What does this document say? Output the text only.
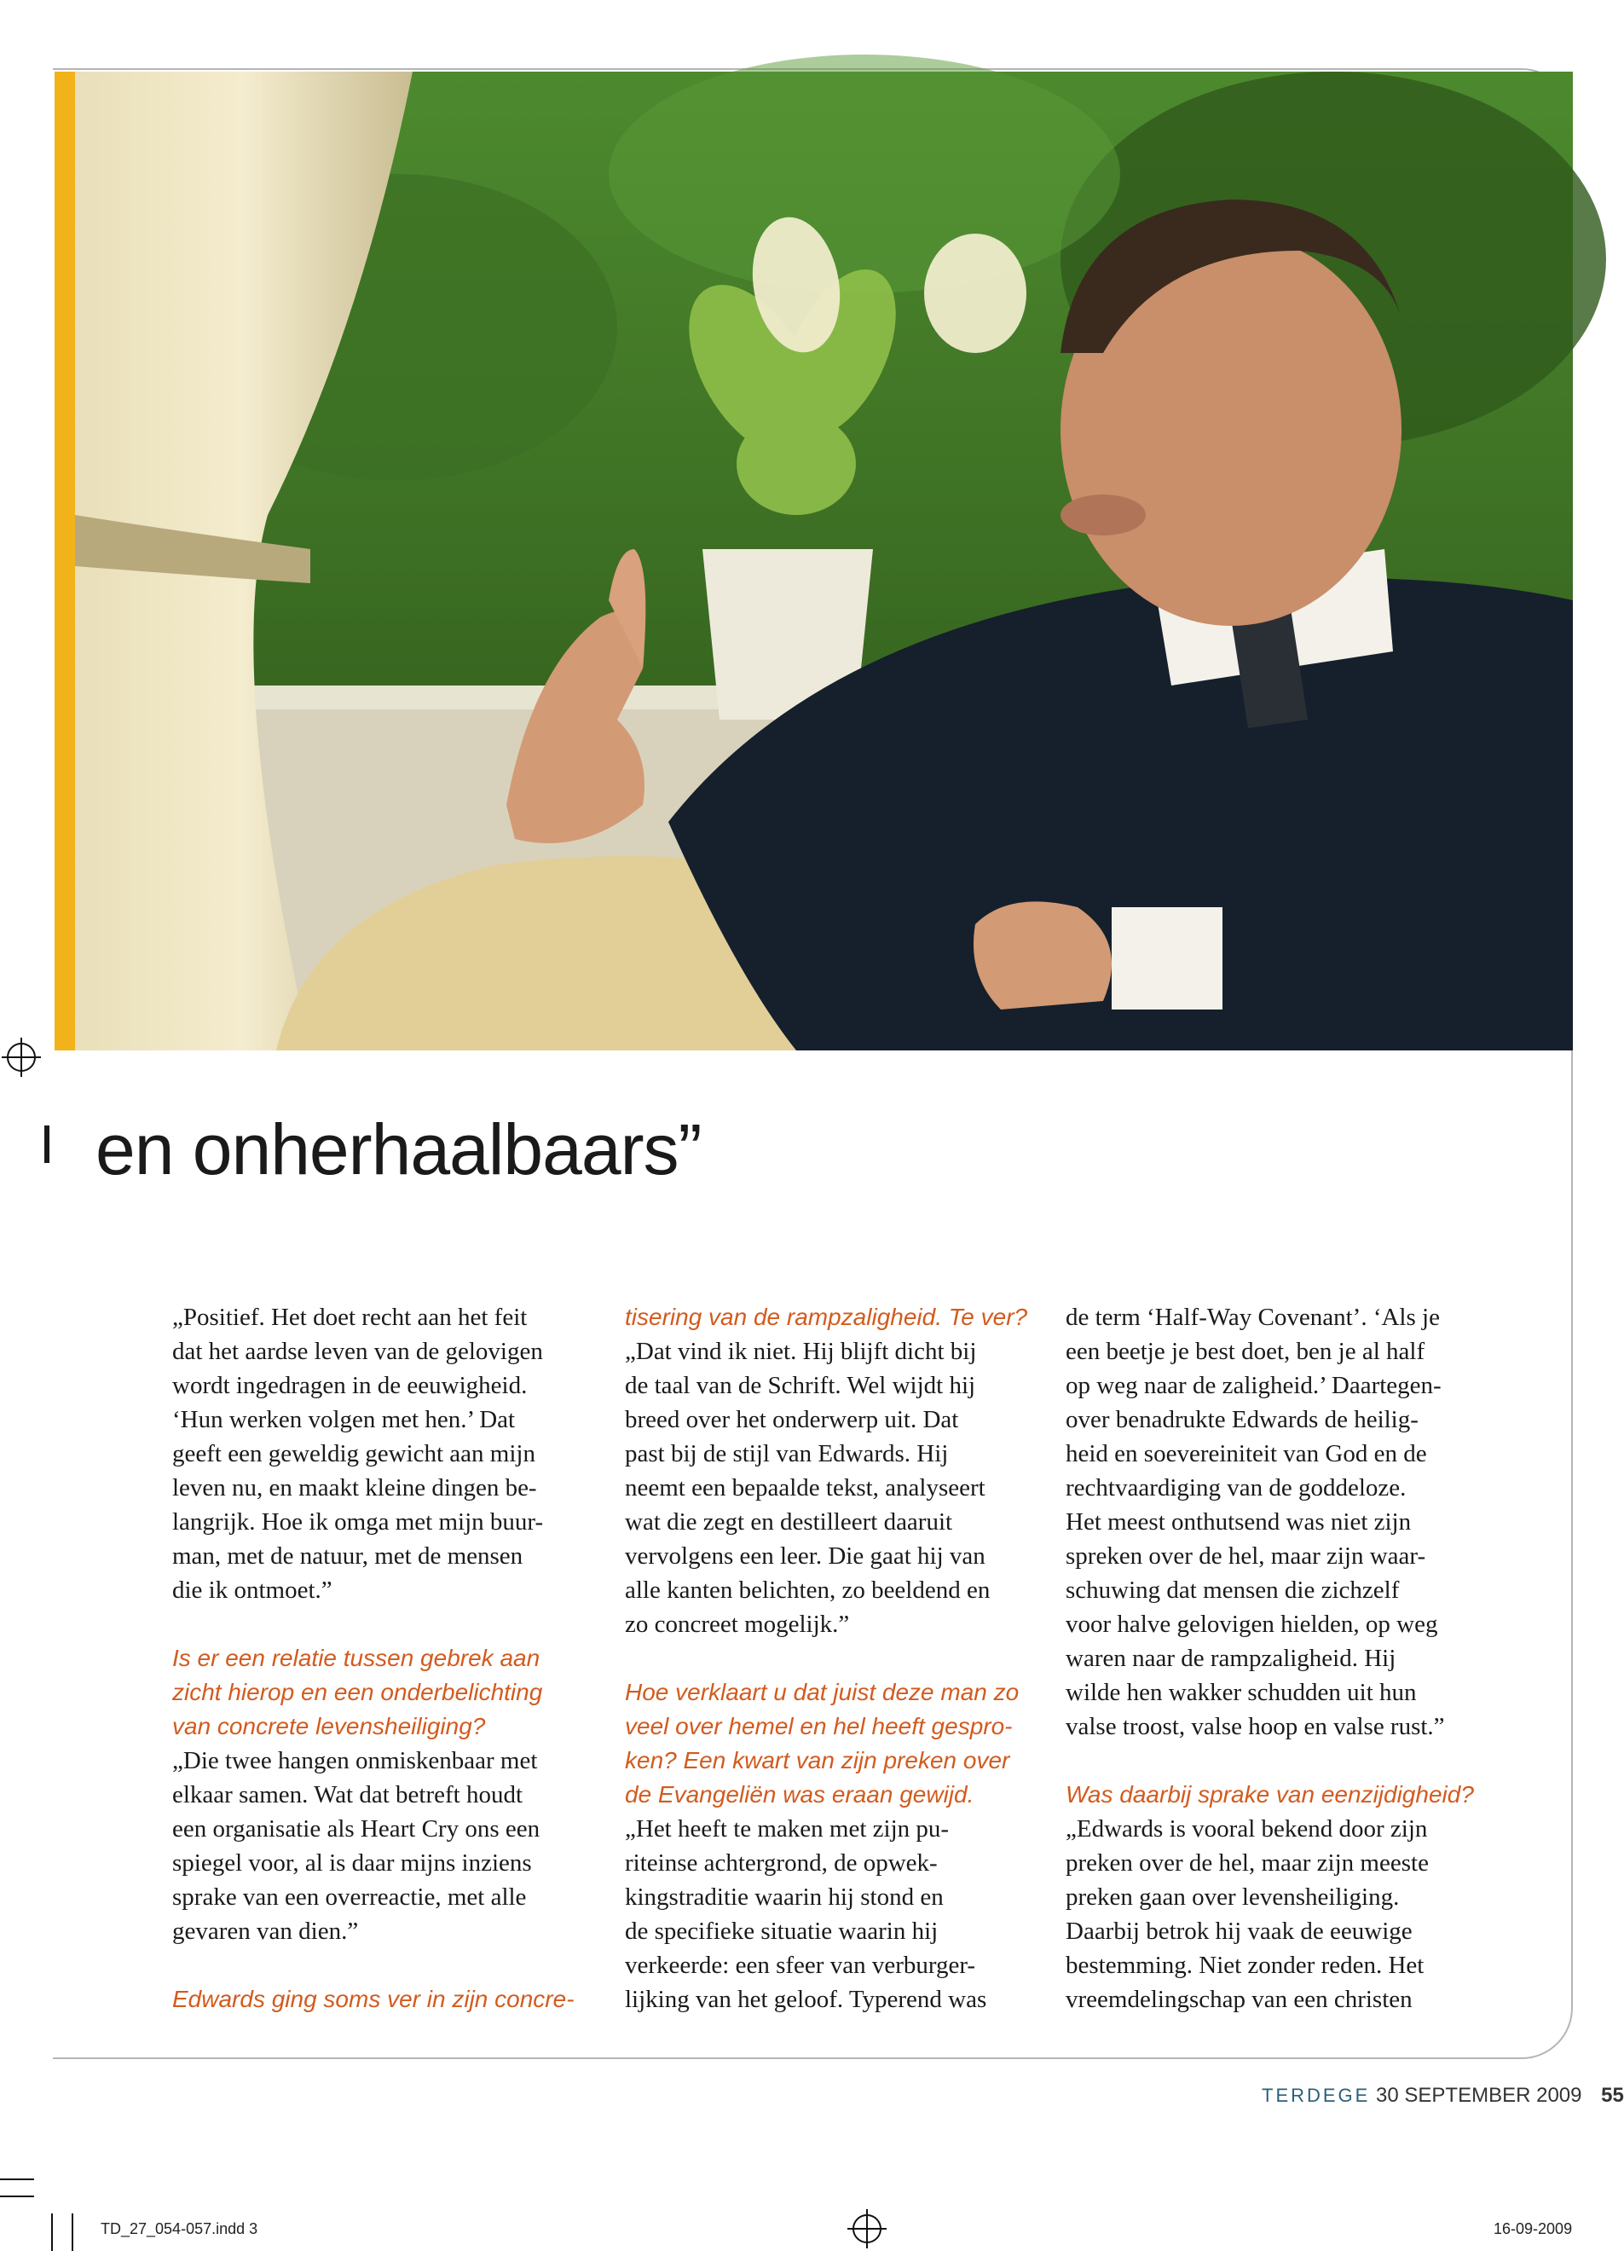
en onherhaalbaars”
„Positief. Het doet recht aan het feit
dat het aardse leven van de gelovigen
wordt ingedragen in de eeuwigheid.
‘Hun werken volgen met hen.’ Dat
geeft een geweldig gewicht aan mijn
leven nu, en maakt kleine dingen be-
langrijk. Hoe ik omga met mijn buur-
man, met de natuur, met de mensen
die ik ontmoet.”
Is er een relatie tussen gebrek aan
zicht hierop en een onderbelichting
van concrete levensheiliging?
„Die twee hangen onmiskenbaar met
elkaar samen. Wat dat betreft houdt
een organisatie als Heart Cry ons een
spiegel voor, al is daar mijns inziens
sprake van een overreactie, met alle
gevaren van dien.”
Edwards ging soms ver in zijn concre-
tisering van de rampzaligheid. Te ver?
„Dat vind ik niet. Hij blijft dicht bij
de taal van de Schrift. Wel wijdt hij
breed over het onderwerp uit. Dat
past bij de stijl van Edwards. Hij
neemt een bepaalde tekst, analyseert
wat die zegt en destilleert daaruit
vervolgens een leer. Die gaat hij van
alle kanten belichten, zo beeldend en
zo concreet mogelijk.”
Hoe verklaart u dat juist deze man zo
veel over hemel en hel heeft gespro-
ken? Een kwart van zijn preken over
de Evangeliën was eraan gewijd.
„Het heeft te maken met zijn pu-
riteinse achtergrond, de opwek-
kingstraditie waarin hij stond en
de specifieke situatie waarin hij
verkeerde: een sfeer van verburger-
lijking van het geloof. Typerend was
de term ‘Half-Way Covenant’. ‘Als je
een beetje je best doet, ben je al half
op weg naar de zaligheid.’ Daartegen-
over benadrukte Edwards de heilig-
heid en soevereiniteit van God en de
rechtvaardiging van de goddeloze.
Het meest onthutsend was niet zijn
spreken over de hel, maar zijn waar-
schuwing dat mensen die zichzelf
voor halve gelovigen hielden, op weg
waren naar de rampzaligheid. Hij
wilde hen wakker schudden uit hun
valse troost, valse hoop en valse rust.”
Was daarbij sprake van eenzijdigheid?
„Edwards is vooral bekend door zijn
preken over de hel, maar zijn meeste
preken gaan over levensheiliging.
Daarbij betrok hij vaak de eeuwige
bestemming. Niet zonder reden. Het
vreemdelingschap van een christen
TERDEGE 30 SEPTEMBER 2009 55
TD_27_054-057.indd 3	16-09-2009
